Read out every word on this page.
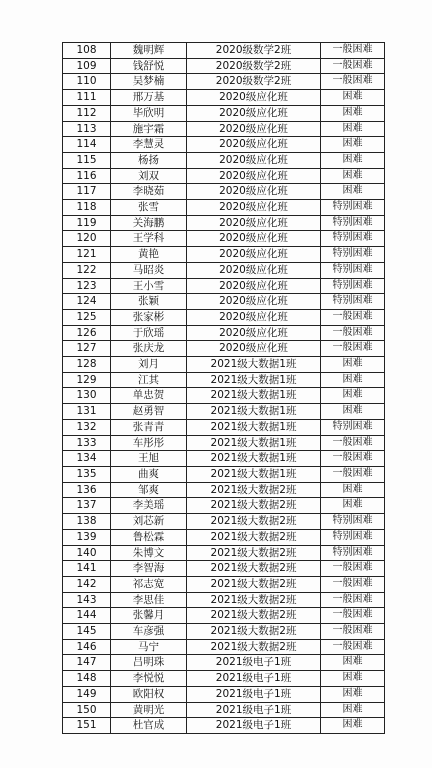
108	魏明辉	2020级数学2班	一般困难
109	钱舒悦	2020级数学2班	一般困难
110	吴梦楠	2020级数学2班	一般困难
111	邢万基	2020级应化班	困难
112	毕欣明	2020级应化班	困难
113	施宇霜	2020级应化班	困难
114	李慧灵	2020级应化班	困难
115	杨扬	2020级应化班	困难
116	刘双	2020级应化班	困难
117	李晓茹	2020级应化班	困难
118	张雪	2020级应化班	特别困难
119	关海鹏	2020级应化班	特别困难
120	王学科	2020级应化班	特别困难
121	黄艳	2020级应化班	特别困难
122	马昭炎	2020级应化班	特别困难
123	王小雪	2020级应化班	特别困难
124	张颖	2020级应化班	特别困难
125	张家彬	2020级应化班	一般困难
126	于欣瑶	2020级应化班	一般困难
127	张庆龙	2020级应化班	一般困难
128	刘月	2021级大数据1班	困难
129	江其	2021级大数据1班	困难
130	单忠贺	2021级大数据1班	困难
131	赵勇智	2021级大数据1班	困难
132	张青青	2021级大数据1班	特别困难
133	车彤彤	2021级大数据1班	一般困难
134	王旭	2021级大数据1班	一般困难
135	曲爽	2021级大数据1班	一般困难
136	邹爽	2021级大数据2班	困难
137	李美瑶	2021级大数据2班	困难
138	刘芯新	2021级大数据2班	特别困难
139	鲁松霖	2021级大数据2班	特别困难
140	朱博文	2021级大数据2班	特别困难
141	李智海	2021级大数据2班	一般困难
142	祁志宽	2021级大数据2班	一般困难
143	李思佳	2021级大数据2班	一般困难
144	张馨月	2021级大数据2班	一般困难
145	车彦强	2021级大数据2班	一般困难
146	马宁	2021级大数据2班	一般困难
147	吕明珠	2021级电子1班	困难
148	李悦悦	2021级电子1班	困难
149	欧阳权	2021级电子1班	困难
150	黄明光	2021级电子1班	困难
151	杜官成	2021级电子1班	困难
